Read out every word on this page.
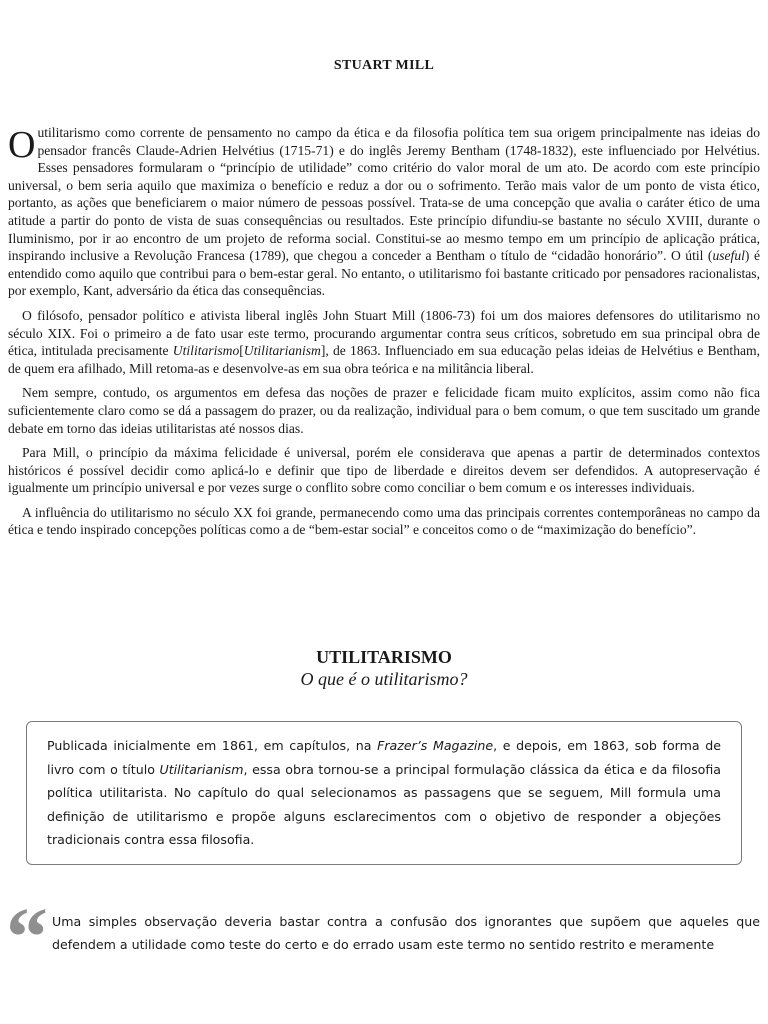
STUART MILL

Outilitarismo como corrente de pensamento no campo da ética e da filosofia política tem sua origem principalmente nas ideias do pensador francês Claude-Adrien Helvétius (1715-71) e do inglês Jeremy Bentham (1748-1832), este influenciado por Helvétius. Esses pensadores formularam o “princípio de utilidade” como critério do valor moral de um ato. De acordo com este princípio universal, o bem seria aquilo que maximiza o benefício e reduz a dor ou o sofrimento. Terão mais valor de um ponto de vista ético, portanto, as ações que beneficiarem o maior número de pessoas possível. Trata-se de uma concepção que avalia o caráter ético de uma atitude a partir do ponto de vista de suas consequências ou resultados. Este princípio difundiu-se bastante no século XVIII, durante o Iluminismo, por ir ao encontro de um projeto de reforma social. Constitui-se ao mesmo tempo em um princípio de aplicação prática, inspirando inclusive a Revolução Francesa (1789), que chegou a conceder a Bentham o título de “cidadão honorário”. O útil (useful) é entendido como aquilo que contribui para o bem-estar geral. No entanto, o utilitarismo foi bastante criticado por pensadores racionalistas, por exemplo, Kant, adversário da ética das consequências.

O filósofo, pensador político e ativista liberal inglês John Stuart Mill (1806-73) foi um dos maiores defensores do utilitarismo no século XIX. Foi o primeiro a de fato usar este termo, procurando argumentar contra seus críticos, sobretudo em sua principal obra de ética, intitulada precisamente Utilitarismo[Utilitarianism], de 1863. Influenciado em sua educação pelas ideias de Helvétius e Bentham, de quem era afilhado, Mill retoma-as e desenvolve-as em sua obra teórica e na militância liberal.

Nem sempre, contudo, os argumentos em defesa das noções de prazer e felicidade ficam muito explícitos, assim como não fica suficientemente claro como se dá a passagem do prazer, ou da realização, individual para o bem comum, o que tem suscitado um grande debate em torno das ideias utilitaristas até nossos dias.

Para Mill, o princípio da máxima felicidade é universal, porém ele considerava que apenas a partir de determinados contextos históricos é possível decidir como aplicá-lo e definir que tipo de liberdade e direitos devem ser defendidos. A autopreservação é igualmente um princípio universal e por vezes surge o conflito sobre como conciliar o bem comum e os interesses individuais.

A influência do utilitarismo no século XX foi grande, permanecendo como uma das principais correntes contemporâneas no campo da ética e tendo inspirado concepções políticas como a de “bem-estar social” e conceitos como o de “maximização do benefício”.

UTILITARISMO
O que é o utilitarismo?
Publicada inicialmente em 1861, em capítulos, na Frazer’s Magazine, e depois, em 1863, sob forma de livro com o título Utilitarianism, essa obra tornou-se a principal formulação clássica da ética e da filosofia política utilitarista. No capítulo do qual selecionamos as passagens que se seguem, Mill formula uma definição de utilitarismo e propõe alguns esclarecimentos com o objetivo de responder a objeções tradicionais contra essa filosofia.
“ Uma simples observação deveria bastar contra a confusão dos ignorantes que supõem que aqueles que defendem a utilidade como teste do certo e do errado usam este termo no sentido restrito e meramente
